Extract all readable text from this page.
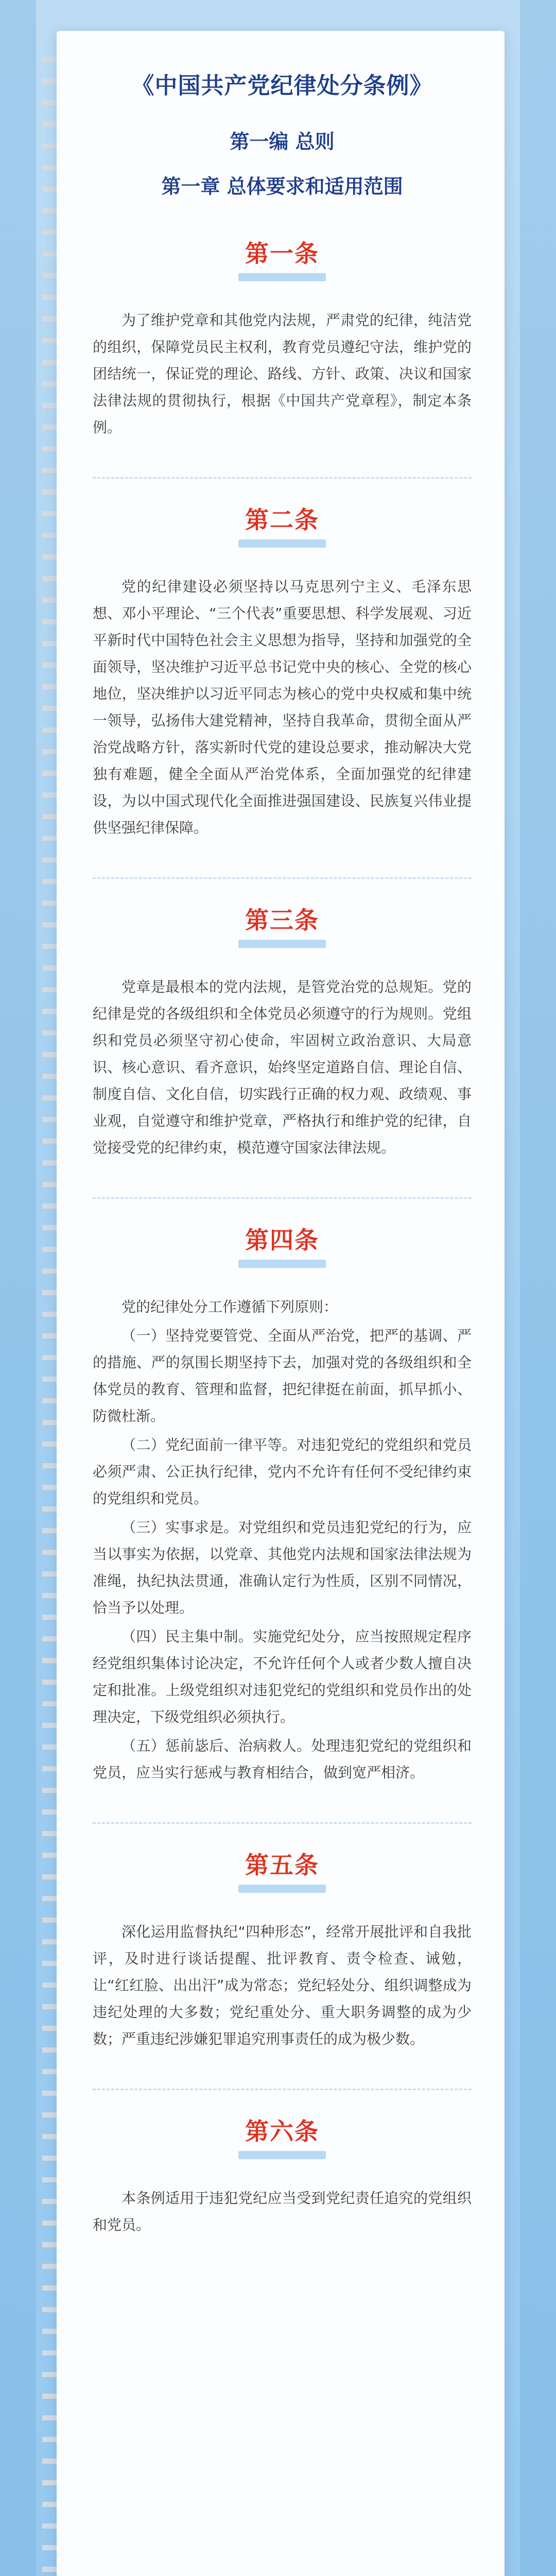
《中国共产党纪律处分条例》
第一编 总则
第一章 总体要求和适用范围
第一条

为了维护党章和其他党内法规，严肃党的纪律，纯洁党的组织，保障党员民主权利，教育党员遵纪守法，维护党的团结统一，保证党的理论、路线、方针、政策、决议和国家法律法规的贯彻执行，根据《中国共产党章程》，制定本条例。

第二条

党的纪律建设必须坚持以马克思列宁主义、毛泽东思想、邓小平理论、“三个代表”重要思想、科学发展观、习近平新时代中国特色社会主义思想为指导，坚持和加强党的全面领导，坚决维护习近平总书记党中央的核心、全党的核心地位，坚决维护以习近平同志为核心的党中央权威和集中统一领导，弘扬伟大建党精神，坚持自我革命，贯彻全面从严治党战略方针，落实新时代党的建设总要求，推动解决大党独有难题，健全全面从严治党体系，全面加强党的纪律建设，为以中国式现代化全面推进强国建设、民族复兴伟业提供坚强纪律保障。

第三条

党章是最根本的党内法规，是管党治党的总规矩。党的纪律是党的各级组织和全体党员必须遵守的行为规则。党组织和党员必须坚守初心使命，牢固树立政治意识、大局意识、核心意识、看齐意识，始终坚定道路自信、理论自信、制度自信、文化自信，切实践行正确的权力观、政绩观、事业观，自觉遵守和维护党章，严格执行和维护党的纪律，自觉接受党的纪律约束，模范遵守国家法律法规。

第四条

党的纪律处分工作遵循下列原则：

（一）坚持党要管党、全面从严治党，把严的基调、严的措施、严的氛围长期坚持下去，加强对党的各级组织和全体党员的教育、管理和监督，把纪律挺在前面，抓早抓小、防微杜渐。

（二）党纪面前一律平等。对违犯党纪的党组织和党员必须严肃、公正执行纪律，党内不允许有任何不受纪律约束的党组织和党员。

（三）实事求是。对党组织和党员违犯党纪的行为，应当以事实为依据，以党章、其他党内法规和国家法律法规为准绳，执纪执法贯通，准确认定行为性质，区别不同情况，恰当予以处理。

（四）民主集中制。实施党纪处分，应当按照规定程序经党组织集体讨论决定，不允许任何个人或者少数人擅自决定和批准。上级党组织对违犯党纪的党组织和党员作出的处理决定，下级党组织必须执行。

（五）惩前毖后、治病救人。处理违犯党纪的党组织和党员，应当实行惩戒与教育相结合，做到宽严相济。

第五条

深化运用监督执纪“四种形态”，经常开展批评和自我批评，及时进行谈话提醒、批评教育、责令检查、诫勉，让“红红脸、出出汗”成为常态；党纪轻处分、组织调整成为违纪处理的大多数；党纪重处分、重大职务调整的成为少数；严重违纪涉嫌犯罪追究刑事责任的成为极少数。

第六条

本条例适用于违犯党纪应当受到党纪责任追究的党组织和党员。
